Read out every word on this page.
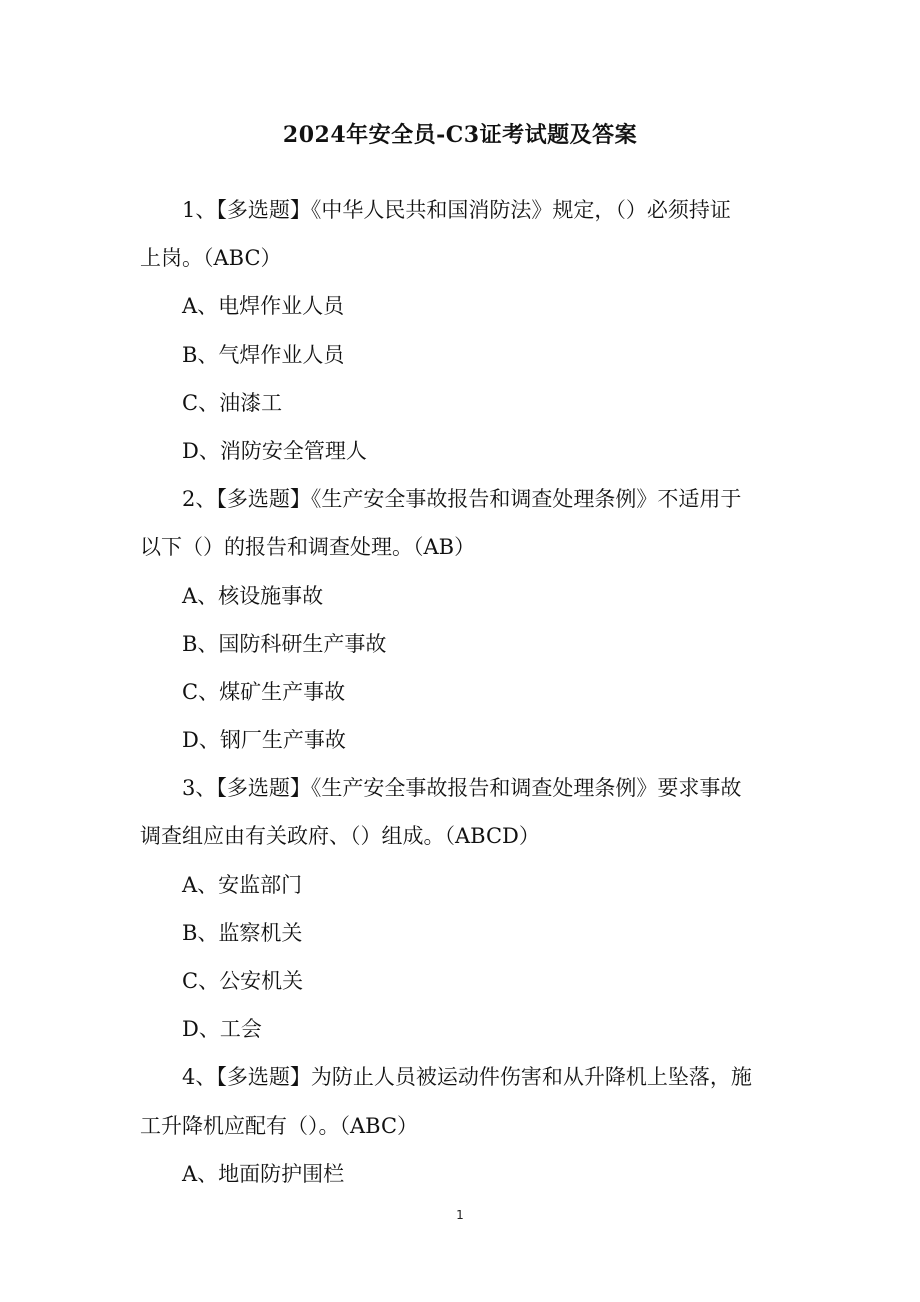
2024年安全员-C3证考试题及答案
1、【多选题】《中华人民共和国消防法》规定，（）必须持证
上岗。（ABC）
A、电焊作业人员
B、气焊作业人员
C、油漆工
D、消防安全管理人
2、【多选题】《生产安全事故报告和调查处理条例》不适用于
以下（）的报告和调查处理。（AB）
A、核设施事故
B、国防科研生产事故
C、煤矿生产事故
D、钢厂生产事故
3、【多选题】《生产安全事故报告和调查处理条例》要求事故
调查组应由有关政府、（）组成。（ABCD）
A、安监部门
B、监察机关
C、公安机关
D、工会
4、【多选题】为防止人员被运动件伤害和从升降机上坠落，施
工升降机应配有（）。（ABC）
A、地面防护围栏
1
